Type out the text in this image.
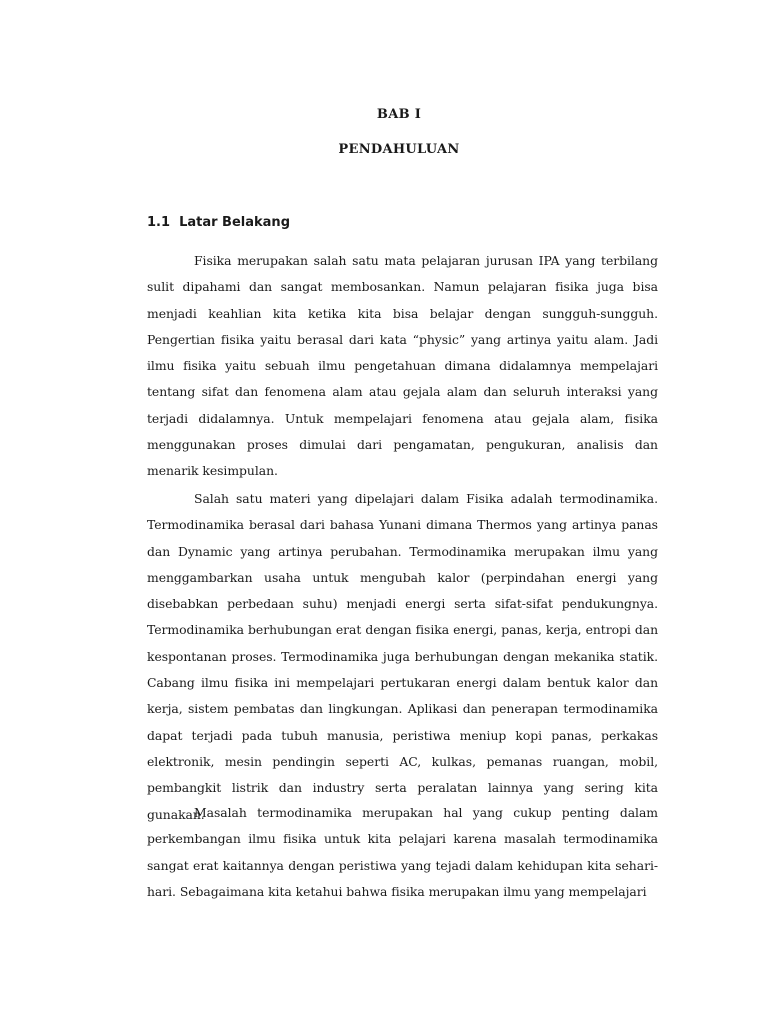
BAB I
PENDAHULUAN
1.1  Latar Belakang

Fisika merupakan salah satu mata pelajaran jurusan IPA yang terbilang sulit dipahami dan sangat membosankan. Namun pelajaran fisika juga bisa menjadi keahlian kita ketika kita bisa belajar dengan sungguh-sungguh. Pengertian fisika yaitu berasal dari kata “physic” yang artinya yaitu alam. Jadi ilmu fisika yaitu sebuah ilmu pengetahuan dimana didalamnya mempelajari tentang sifat dan fenomena alam atau gejala alam dan seluruh interaksi yang terjadi didalamnya. Untuk mempelajari fenomena atau gejala alam, fisika menggunakan proses dimulai dari pengamatan, pengukuran, analisis dan menarik kesimpulan.

Salah satu materi yang dipelajari dalam Fisika adalah termodinamika. Termodinamika berasal dari bahasa Yunani dimana Thermos yang artinya panas dan Dynamic yang artinya perubahan. Termodinamika merupakan ilmu yang menggambarkan usaha untuk mengubah kalor (perpindahan energi yang disebabkan perbedaan suhu) menjadi energi serta sifat-sifat pendukungnya. Termodinamika berhubungan erat dengan fisika energi, panas, kerja, entropi dan kespontanan proses. Termodinamika juga berhubungan dengan mekanika statik. Cabang ilmu fisika ini mempelajari pertukaran energi dalam bentuk kalor dan kerja, sistem pembatas dan lingkungan. Aplikasi dan penerapan termodinamika dapat terjadi pada tubuh manusia, peristiwa meniup kopi panas, perkakas elektronik, mesin pendingin seperti AC, kulkas, pemanas ruangan, mobil, pembangkit listrik dan industry serta peralatan lainnya yang sering kita gunakan.

Masalah termodinamika merupakan hal yang cukup penting dalam perkembangan ilmu fisika untuk kita pelajari karena masalah termodinamika sangat erat kaitannya dengan peristiwa yang tejadi dalam kehidupan kita sehari-hari. Sebagaimana kita ketahui bahwa fisika merupakan ilmu yang mempelajari
